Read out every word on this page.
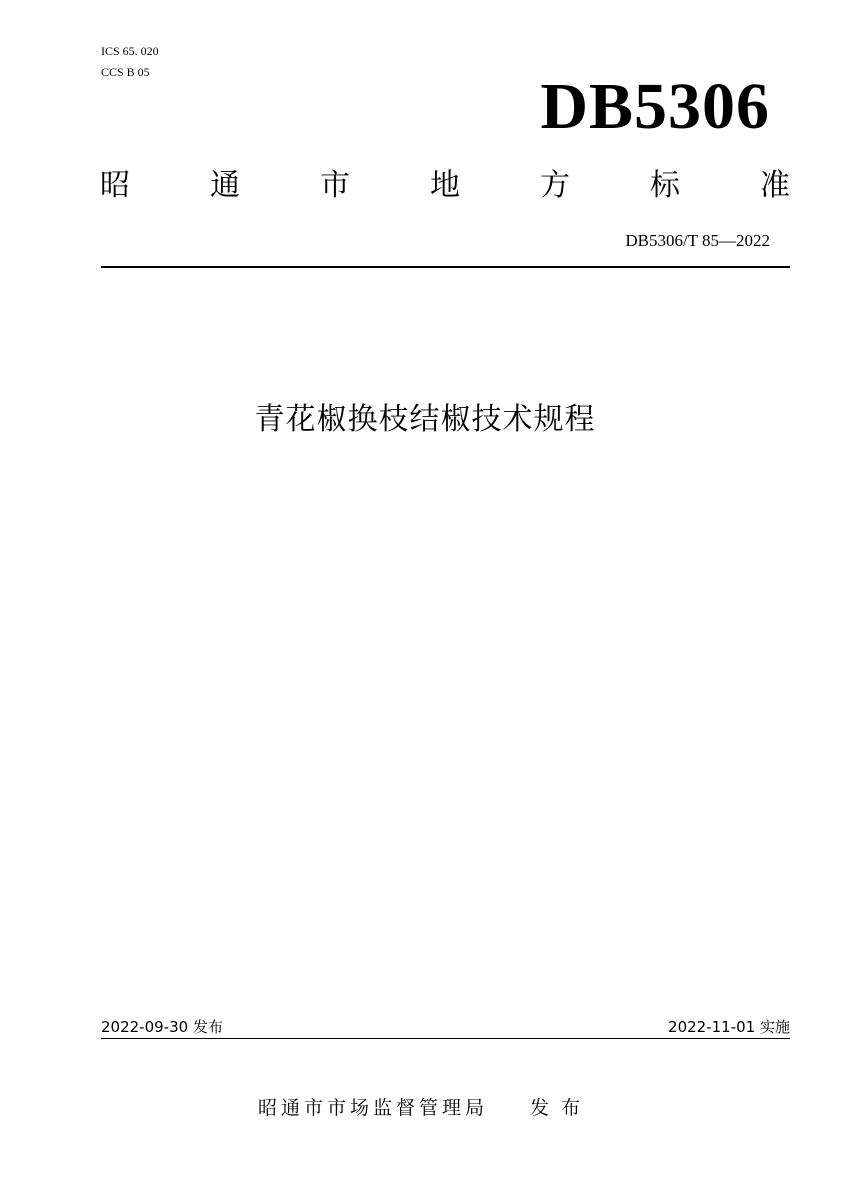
ICS 65. 020
CCS B 05	DB5306
昭	通	市	地	方	标	准
DB5306/T 85—2022
青花椒换枝结椒技术规程
2022-09-30 发布	2022-11-01 实施
昭通市市场监督管理局 发布
